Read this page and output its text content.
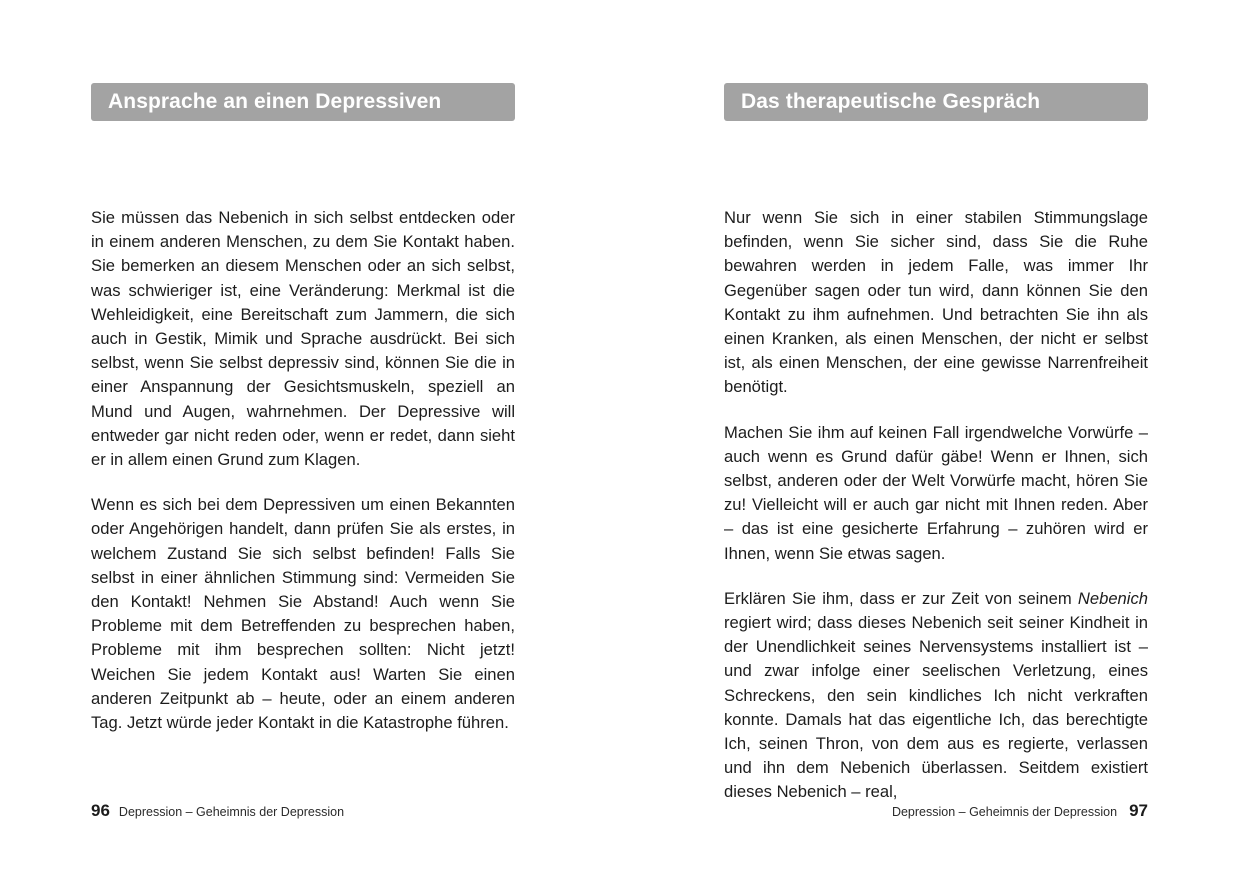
Ansprache an einen Depressiven

Sie müssen das Nebenich in sich selbst entdecken oder in einem anderen Menschen, zu dem Sie Kontakt haben. Sie bemerken an diesem Menschen oder an sich selbst, was schwieriger ist, eine Veränderung: Merkmal ist die Wehleidigkeit, eine Bereitschaft zum Jammern, die sich auch in Gestik, Mimik und Sprache ausdrückt. Bei sich selbst, wenn Sie selbst depressiv sind, können Sie die in einer Anspannung der Gesichtsmuskeln, speziell an Mund und Augen, wahrnehmen. Der Depressive will entweder gar nicht reden oder, wenn er redet, dann sieht er in allem einen Grund zum Klagen.

Wenn es sich bei dem Depressiven um einen Bekannten oder Angehörigen handelt, dann prüfen Sie als erstes, in welchem Zustand Sie sich selbst befinden! Falls Sie selbst in einer ähnlichen Stimmung sind: Vermeiden Sie den Kontakt! Nehmen Sie Abstand! Auch wenn Sie Probleme mit dem Betreffenden zu besprechen haben, Probleme mit ihm besprechen sollten: Nicht jetzt! Weichen Sie jedem Kontakt aus! Warten Sie einen anderen Zeitpunkt ab – heute, oder an einem anderen Tag. Jetzt würde jeder Kontakt in die Katastrophe führen.

96 Depression – Geheimnis der Depression
Das therapeutische Gespräch

Nur wenn Sie sich in einer stabilen Stimmungslage befinden, wenn Sie sicher sind, dass Sie die Ruhe bewahren werden in jedem Falle, was immer Ihr Gegenüber sagen oder tun wird, dann können Sie den Kontakt zu ihm aufnehmen. Und betrachten Sie ihn als einen Kranken, als einen Menschen, der nicht er selbst ist, als einen Menschen, der eine gewisse Narrenfreiheit benötigt.

Machen Sie ihm auf keinen Fall irgendwelche Vorwürfe – auch wenn es Grund dafür gäbe! Wenn er Ihnen, sich selbst, anderen oder der Welt Vorwürfe macht, hören Sie zu! Vielleicht will er auch gar nicht mit Ihnen reden. Aber – das ist eine gesicherte Erfahrung – zuhören wird er Ihnen, wenn Sie etwas sagen.

Erklären Sie ihm, dass er zur Zeit von seinem Nebenich regiert wird; dass dieses Nebenich seit seiner Kindheit in der Unendlichkeit seines Nervensystems installiert ist – und zwar infolge einer seelischen Verletzung, eines Schreckens, den sein kindliches Ich nicht verkraften konnte. Damals hat das eigentliche Ich, das berechtigte Ich, seinen Thron, von dem aus es regierte, verlassen und ihn dem Nebenich überlassen. Seitdem existiert dieses Nebenich – real,

Depression – Geheimnis der Depression 97
